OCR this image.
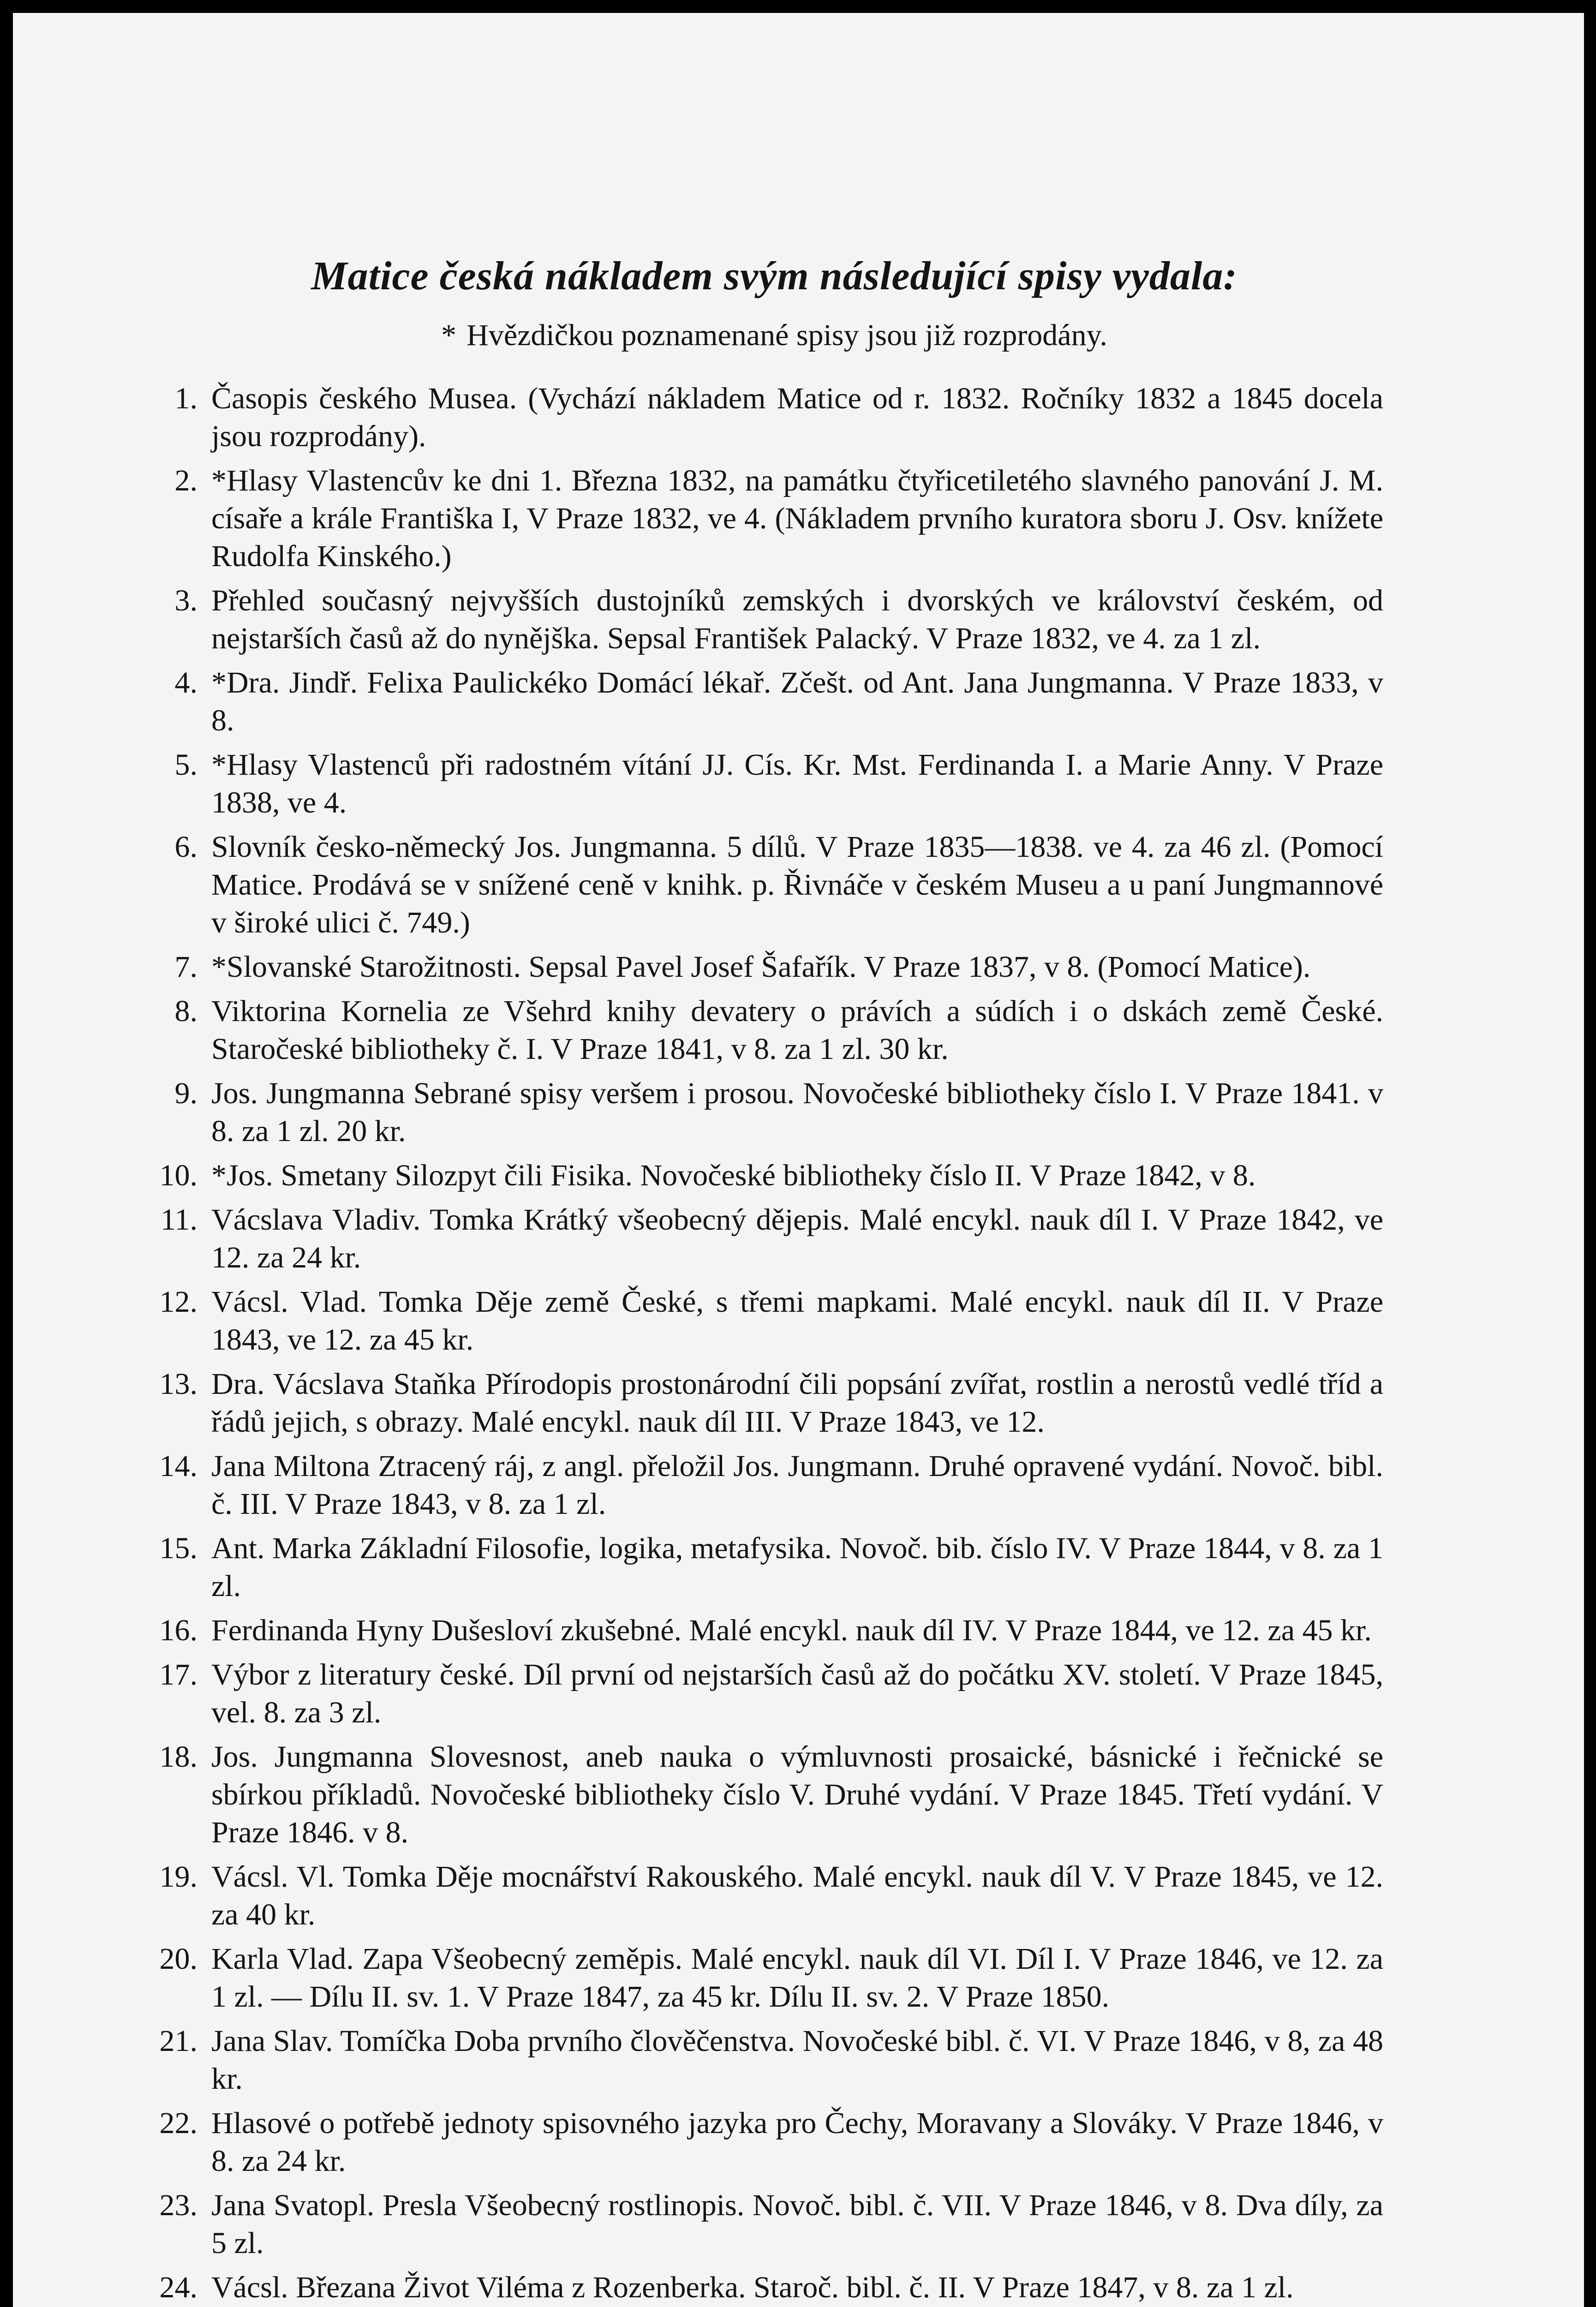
Matice česká nákladem svým následující spisy vydala:
* Hvězdičkou poznamenané spisy jsou již rozprodány.
1. Časopis českého Musea. (Vychází nákladem Matice od r. 1832. Ročníky 1832 a 1845 docela jsou rozprodány).
2. *Hlasy Vlastencův ke dni 1. Března 1832, na památku čtyřicetiletého slavného panování J. M. císaře a krále Františka I, V Praze 1832, ve 4. (Nákladem prvního kuratora sboru J. Osv. knížete Rudolfa Kinského.)
3. Přehled současný nejvyšších dustojníků zemských i dvorských ve království českém, od nejstarších časů až do nynějška. Sepsal František Palacký. V Praze 1832, ve 4. za 1 zl.
4. *Dra. Jindř. Felixa Paulickéko Domácí lékař. Zčešt. od Ant. Jana Jungmanna. V Praze 1833, v 8.
5. *Hlasy Vlastenců při radostném vítání JJ. Cís. Kr. Mst. Ferdinanda I. a Marie Anny. V Praze 1838, ve 4.
6. Slovník česko-německý Jos. Jungmanna. 5 dílů. V Praze 1835—1838. ve 4. za 46 zl. (Pomocí Matice. Prodává se v snížené ceně v knihk. p. Řivnáče v českém Museu a u paní Jungmannové v široké ulici č. 749.)
7. *Slovanské Starožitnosti. Sepsal Pavel Josef Šafařík. V Praze 1837, v 8. (Pomocí Matice).
8. Viktorina Kornelia ze Všehrd knihy devatery o právích a súdích i o dskách země České. Staročeské bibliotheky č. I. V Praze 1841, v 8. za 1 zl. 30 kr.
9. Jos. Jungmanna Sebrané spisy veršem i prosou. Novočeské bibliotheky číslo I. V Praze 1841. v 8. za 1 zl. 20 kr.
10. *Jos. Smetany Silozpyt čili Fisika. Novočeské bibliotheky číslo II. V Praze 1842, v 8.
11. Vácslava Vladiv. Tomka Krátký všeobecný dějepis. Malé encykl. nauk díl I. V Praze 1842, ve 12. za 24 kr.
12. Vácsl. Vlad. Tomka Děje země České, s třemi mapkami. Malé encykl. nauk díl II. V Praze 1843, ve 12. za 45 kr.
13. Dra. Vácslava Staňka Přírodopis prostonárodní čili popsání zvířat, rostlin a nerostů vedlé tříd a řádů jejich, s obrazy. Malé encykl. nauk díl III. V Praze 1843, ve 12.
14. Jana Miltona Ztracený ráj, z angl. přeložil Jos. Jungmann. Druhé opravené vydání. Novoč. bibl. č. III. V Praze 1843, v 8. za 1 zl.
15. Ant. Marka Základní Filosofie, logika, metafysika. Novoč. bib. číslo IV. V Praze 1844, v 8. za 1 zl.
16. Ferdinanda Hyny Dušesloví zkušebné. Malé encykl. nauk díl IV. V Praze 1844, ve 12. za 45 kr.
17. Výbor z literatury české. Díl první od nejstarších časů až do počátku XV. století. V Praze 1845, vel. 8. za 3 zl.
18. Jos. Jungmanna Slovesnost, aneb nauka o výmluvnosti prosaické, básnické i řečnické se sbírkou příkladů. Novočeské bibliotheky číslo V. Druhé vydání. V Praze 1845. Třetí vydání. V Praze 1846. v 8.
19. Vácsl. Vl. Tomka Děje mocnářství Rakouského. Malé encykl. nauk díl V. V Praze 1845, ve 12. za 40 kr.
20. Karla Vlad. Zapa Všeobecný zeměpis. Malé encykl. nauk díl VI. Díl I. V Praze 1846, ve 12. za 1 zl. — Dílu II. sv. 1. V Praze 1847, za 45 kr. Dílu II. sv. 2. V Praze 1850.
21. Jana Slav. Tomíčka Doba prvního člověčenstva. Novočeské bibl. č. VI. V Praze 1846, v 8, za 48 kr.
22. Hlasové o potřebě jednoty spisovného jazyka pro Čechy, Moravany a Slováky. V Praze 1846, v 8. za 24 kr.
23. Jana Svatopl. Presla Všeobecný rostlinopis. Novoč. bibl. č. VII. V Praze 1846, v 8. Dva díly, za 5 zl.
24. Vácsl. Březana Život Viléma z Rozenberka. Staroč. bibl. č. II. V Praze 1847, v 8. za 1 zl.
